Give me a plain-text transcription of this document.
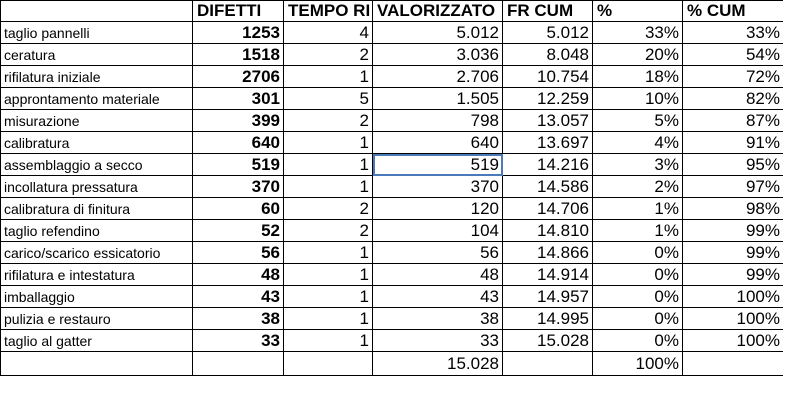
	DIFETTI	TEMPO RI	VALORIZZATO	FR CUM	%	% CUM
taglio pannelli	1253	4	5.012	5.012	33%	33%
ceratura	1518	2	3.036	8.048	20%	54%
rifilatura iniziale	2706	1	2.706	10.754	18%	72%
approntamento materiale	301	5	1.505	12.259	10%	82%
misurazione	399	2	798	13.057	5%	87%
calibratura	640	1	640	13.697	4%	91%
assemblaggio a secco	519	1	519	14.216	3%	95%
incollatura pressatura	370	1	370	14.586	2%	97%
calibratura di finitura	60	2	120	14.706	1%	98%
taglio refendino	52	2	104	14.810	1%	99%
carico/scarico essicatorio	56	1	56	14.866	0%	99%
rifilatura e intestatura	48	1	48	14.914	0%	99%
imballaggio	43	1	43	14.957	0%	100%
pulizia e restauro	38	1	38	14.995	0%	100%
taglio al gatter	33	1	33	15.028	0%	100%
			15.028		100%	
